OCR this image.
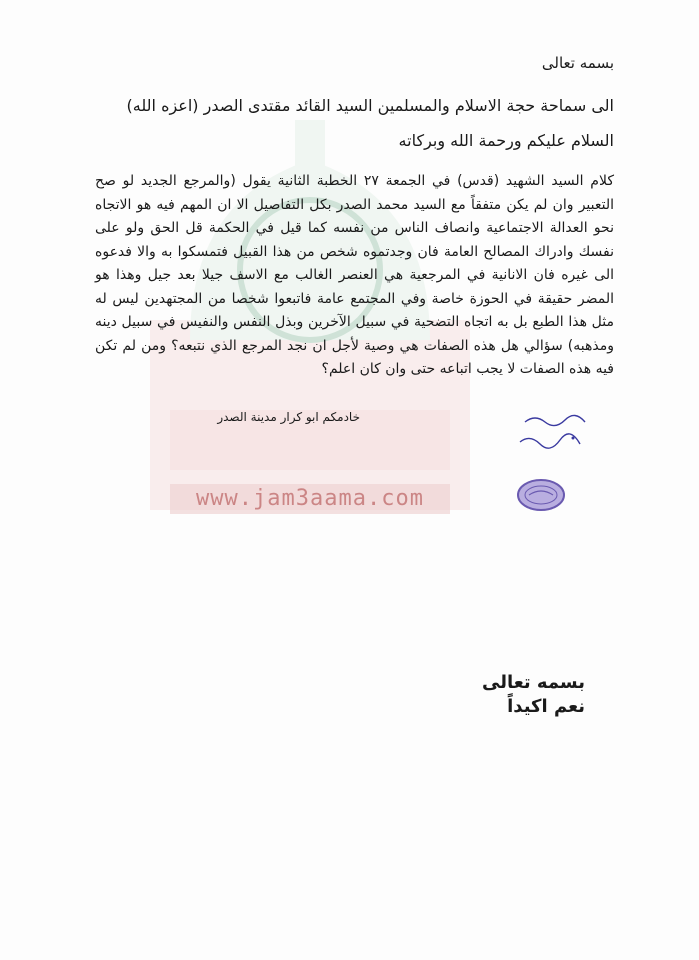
www.jam3aama.com
بسمه تعالى
الى سماحة حجة الاسلام والمسلمين السيد القائد مقتدى الصدر (اعزه الله)
السلام عليكم ورحمة الله وبركاته
كلام السيد الشهيد (قدس) في الجمعة ٢٧ الخطبة الثانية يقول (والمرجع الجديد لو صح التعبير وان لم يكن متفقاً مع السيد محمد الصدر بكل التفاصيل الا ان المهم فيه هو الاتجاه نحو العدالة الاجتماعية وانصاف الناس من نفسه كما قيل في الحكمة قل الحق ولو على نفسك وادراك المصالح العامة فان وجدتموه شخص من هذا القبيل فتمسكوا به والا فدعوه الى غيره فان الانانية في المرجعية هي العنصر الغالب مع الاسف جيلا بعد جيل وهذا هو المضر حقيقة في الحوزة خاصة وفي المجتمع عامة فاتبعوا شخصا من المجتهدين ليس له مثل هذا الطبع بل به اتجاه التضحية في سبيل الآخرين وبذل النفس والنفيس في سبيل دينه ومذهبه) سؤالي هل هذه الصفات هي وصية لأجل ان نجد المرجع الذي نتبعه؟ ومن لم تكن فيه هذه الصفات لا يجب اتباعه حتى وان كان اعلم؟
خادمكم ابو كرار مدينة الصدر
بسمه تعالى
نعم اكيداً
